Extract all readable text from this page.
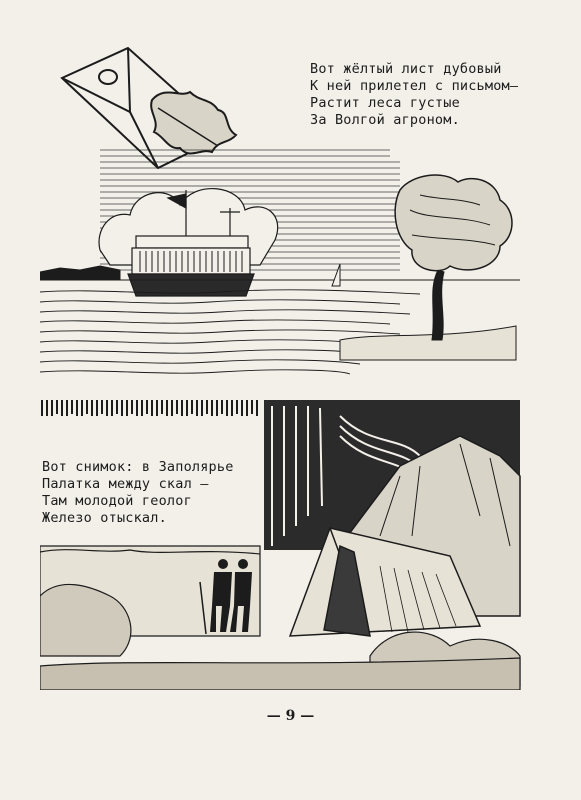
Вот жёлтый лист дубовый
К ней прилетел с письмом—
Растит леса густые
За Волгой агроном.
Вот снимок: в Заполярье
Палатка между скал —
Там молодой геолог
Железо отыскал.
— 9 —
